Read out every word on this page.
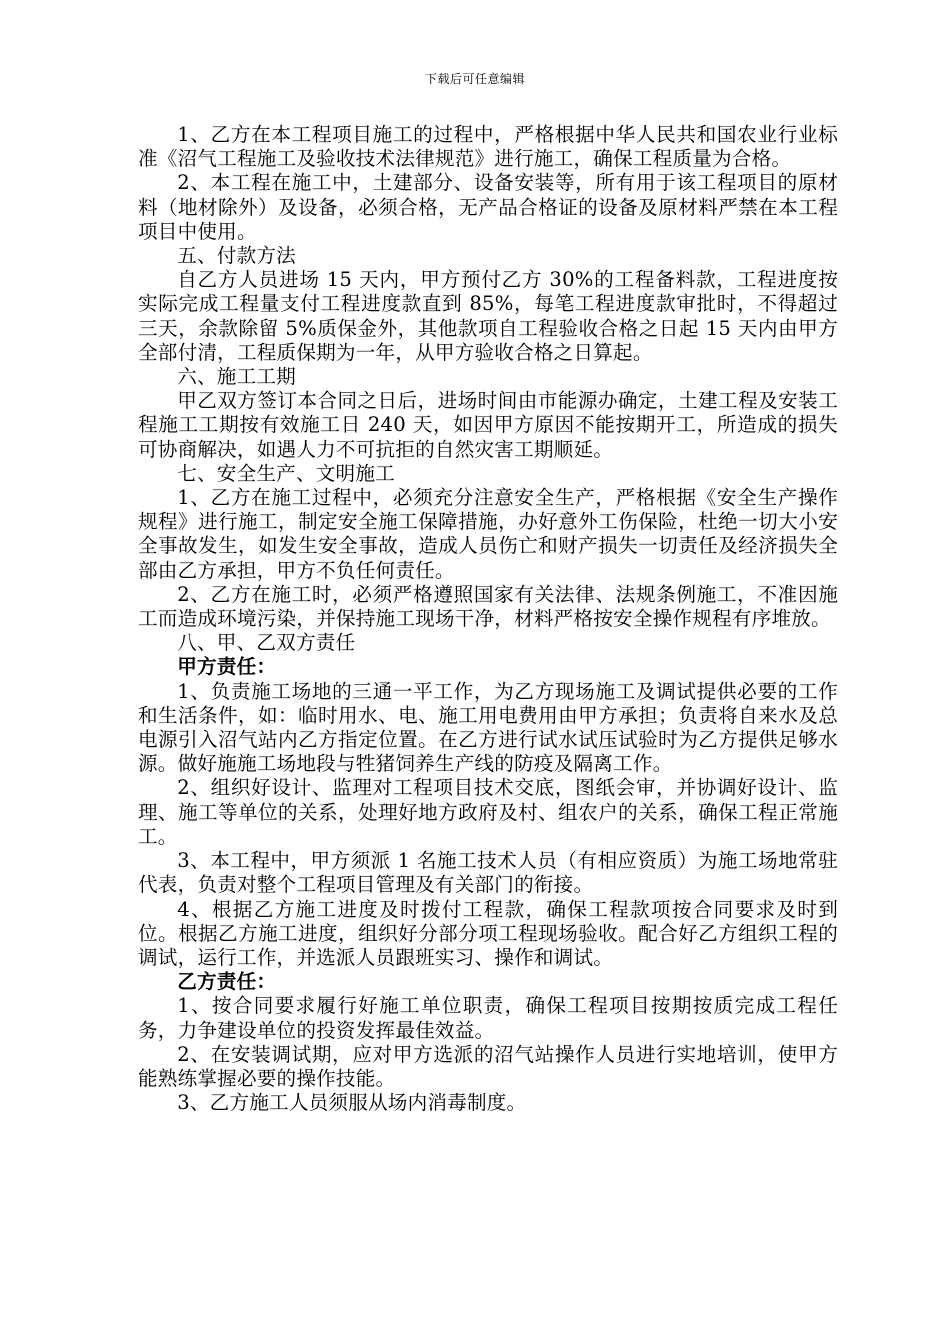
下载后可任意编辑

1、乙方在本工程项目施工的过程中，严格根据中华人民共和国农业行业标准《沼气工程施工及验收技术法律规范》进行施工，确保工程质量为合格。

2、本工程在施工中，土建部分、设备安装等，所有用于该工程项目的原材料（地材除外）及设备，必须合格，无产品合格证的设备及原材料严禁在本工程项目中使用。

五、付款方法

自乙方人员进场 15 天内，甲方预付乙方 30%的工程备料款，工程进度按实际完成工程量支付工程进度款直到 85%，每笔工程进度款审批时，不得超过三天，余款除留 5%质保金外，其他款项自工程验收合格之日起 15 天内由甲方全部付清，工程质保期为一年，从甲方验收合格之日算起。

六、施工工期

甲乙双方签订本合同之日后，进场时间由市能源办确定，土建工程及安装工程施工工期按有效施工日 240 天，如因甲方原因不能按期开工，所造成的损失可协商解决，如遇人力不可抗拒的自然灾害工期顺延。

七、安全生产、文明施工

1、乙方在施工过程中，必须充分注意安全生产，严格根据《安全生产操作规程》进行施工，制定安全施工保障措施，办好意外工伤保险，杜绝一切大小安全事故发生，如发生安全事故，造成人员伤亡和财产损失一切责任及经济损失全部由乙方承担，甲方不负任何责任。

2、乙方在施工时，必须严格遵照国家有关法律、法规条例施工，不准因施工而造成环境污染，并保持施工现场干净，材料严格按安全操作规程有序堆放。

八、甲、乙双方责任

甲方责任：

1、负责施工场地的三通一平工作，为乙方现场施工及调试提供必要的工作和生活条件，如：临时用水、电、施工用电费用由甲方承担；负责将自来水及总电源引入沼气站内乙方指定位置。在乙方进行试水试压试验时为乙方提供足够水源。做好施施工场地段与牲猪饲养生产线的防疫及隔离工作。

2、组织好设计、监理对工程项目技术交底，图纸会审，并协调好设计、监理、施工等单位的关系，处理好地方政府及村、组农户的关系，确保工程正常施工。

3、本工程中，甲方须派 1 名施工技术人员（有相应资质）为施工场地常驻代表，负责对整个工程项目管理及有关部门的衔接。

4、根据乙方施工进度及时拨付工程款，确保工程款项按合同要求及时到位。根据乙方施工进度，组织好分部分项工程现场验收。配合好乙方组织工程的调试，运行工作，并选派人员跟班实习、操作和调试。

乙方责任：

1、按合同要求履行好施工单位职责，确保工程项目按期按质完成工程任务，力争建设单位的投资发挥最佳效益。

2、在安装调试期，应对甲方选派的沼气站操作人员进行实地培训，使甲方能熟练掌握必要的操作技能。

3、乙方施工人员须服从场内消毒制度。
